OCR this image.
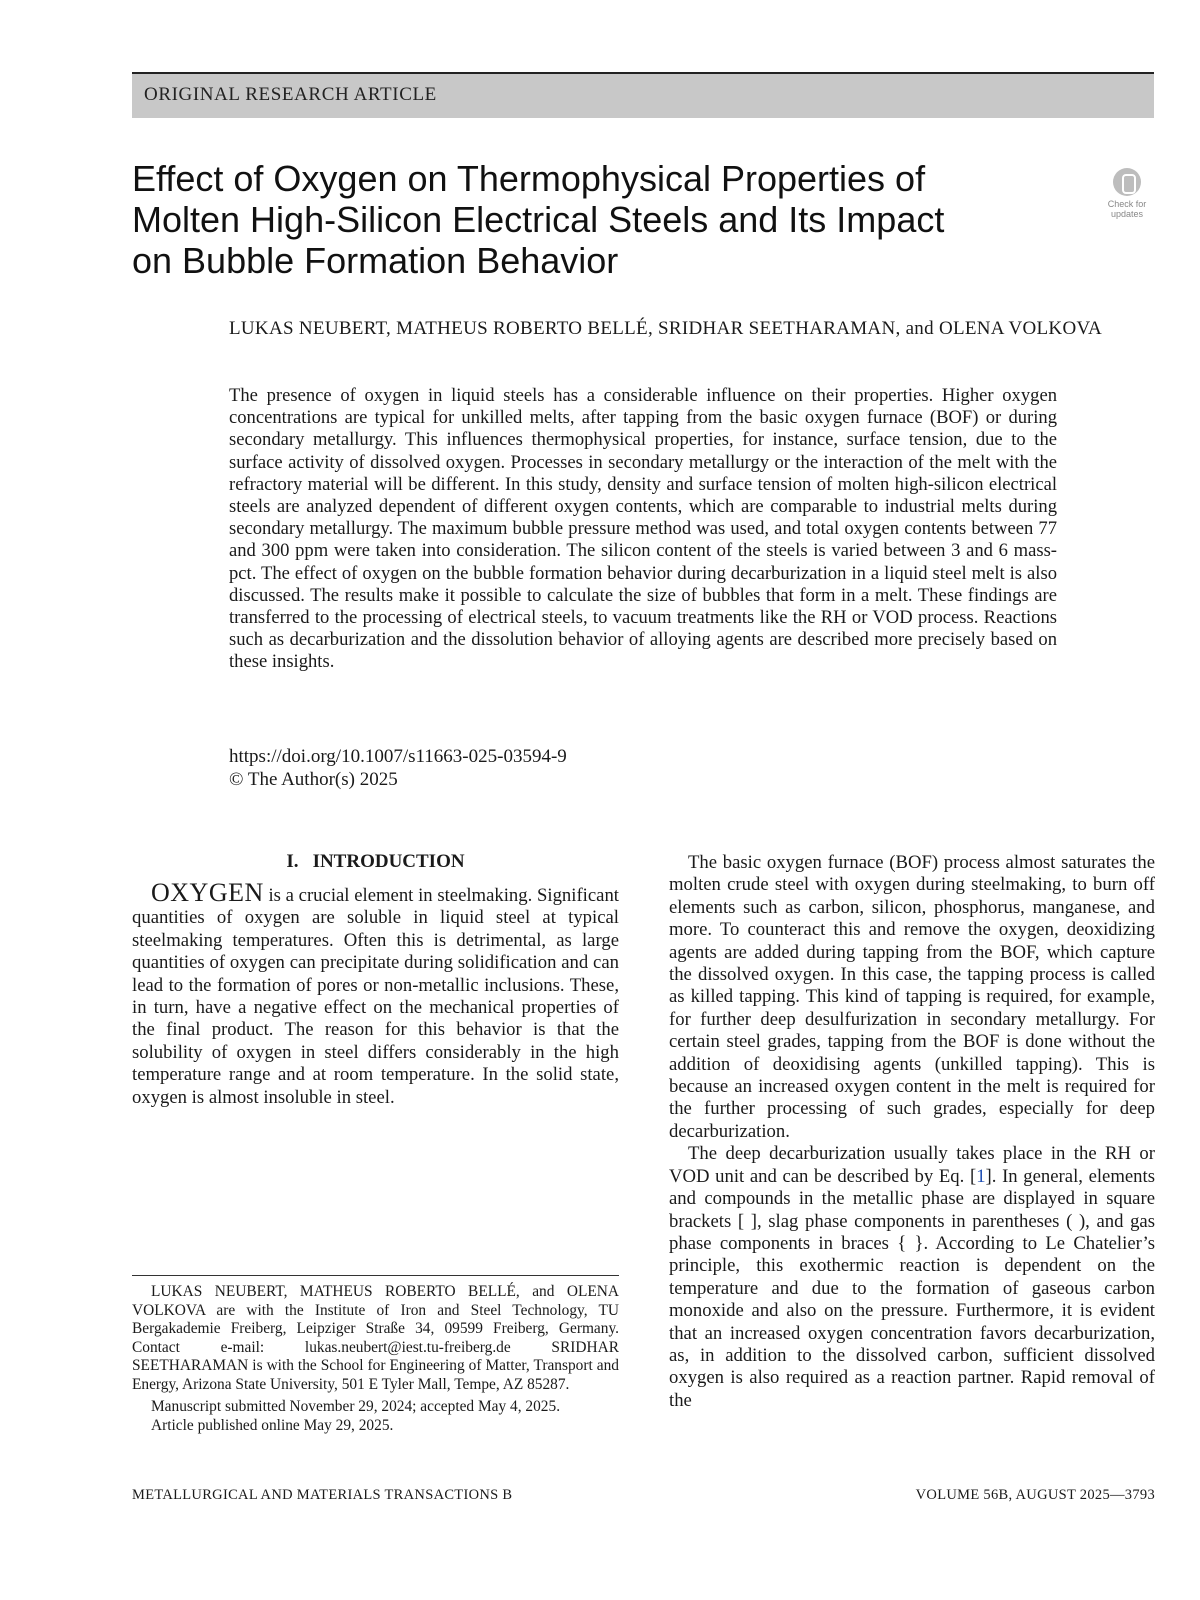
ORIGINAL RESEARCH ARTICLE
Effect of Oxygen on Thermophysical Properties of Molten High-Silicon Electrical Steels and Its Impact on Bubble Formation Behavior
Check for updates
LUKAS NEUBERT, MATHEUS ROBERTO BELLÉ, SRIDHAR SEETHARAMAN, and OLENA VOLKOVA

The presence of oxygen in liquid steels has a considerable influence on their properties. Higher oxygen concentrations are typical for unkilled melts, after tapping from the basic oxygen furnace (BOF) or during secondary metallurgy. This influences thermophysical properties, for instance, surface tension, due to the surface activity of dissolved oxygen. Processes in secondary metallurgy or the interaction of the melt with the refractory material will be different. In this study, density and surface tension of molten high-silicon electrical steels are analyzed dependent of different oxygen contents, which are comparable to industrial melts during secondary metallurgy. The maximum bubble pressure method was used, and total oxygen contents between 77 and 300 ppm were taken into consideration. The silicon content of the steels is varied between 3 and 6 mass-pct. The effect of oxygen on the bubble formation behavior during decarburization in a liquid steel melt is also discussed. The results make it possible to calculate the size of bubbles that form in a melt. These findings are transferred to the processing of electrical steels, to vacuum treatments like the RH or VOD process. Reactions such as decarburization and the dissolution behavior of alloying agents are described more precisely based on these insights.

https://doi.org/10.1007/s11663-025-03594-9
© The Author(s) 2025
I. INTRODUCTION

OXYGEN is a crucial element in steelmaking. Significant quantities of oxygen are soluble in liquid steel at typical steelmaking temperatures. Often this is detrimental, as large quantities of oxygen can precipitate during solidification and can lead to the formation of pores or non-metallic inclusions. These, in turn, have a negative effect on the mechanical properties of the final product. The reason for this behavior is that the solubility of oxygen in steel differs considerably in the high temperature range and at room temperature. In the solid state, oxygen is almost insoluble in steel.

The basic oxygen furnace (BOF) process almost saturates the molten crude steel with oxygen during steelmaking, to burn off elements such as carbon, silicon, phosphorus, manganese, and more. To counteract this and remove the oxygen, deoxidizing agents are added during tapping from the BOF, which capture the dissolved oxygen. In this case, the tapping process is called as killed tapping. This kind of tapping is required, for example, for further deep desulfurization in secondary metallurgy. For certain steel grades, tapping from the BOF is done without the addition of deoxidising agents (unkilled tapping). This is because an increased oxygen content in the melt is required for the further processing of such grades, especially for deep decarburization.

The deep decarburization usually takes place in the RH or VOD unit and can be described by Eq. [1]. In general, elements and compounds in the metallic phase are displayed in square brackets [ ], slag phase components in parentheses ( ), and gas phase components in braces { }. According to Le Chatelier’s principle, this exothermic reaction is dependent on the temperature and due to the formation of gaseous carbon monoxide and also on the pressure. Furthermore, it is evident that an increased oxygen concentration favors decarburization, as, in addition to the dissolved carbon, sufficient dissolved oxygen is also required as a reaction partner. Rapid removal of the

LUKAS NEUBERT, MATHEUS ROBERTO BELLÉ, and OLENA VOLKOVA are with the Institute of Iron and Steel Technology, TU Bergakademie Freiberg, Leipziger Straße 34, 09599 Freiberg, Germany. Contact e-mail: lukas.neubert@iest.tu-freiberg.de SRIDHAR SEETHARAMAN is with the School for Engineering of Matter, Transport and Energy, Arizona State University, 501 E Tyler Mall, Tempe, AZ 85287.

Manuscript submitted November 29, 2024; accepted May 4, 2025.

Article published online May 29, 2025.

METALLURGICAL AND MATERIALS TRANSACTIONS B	VOLUME 56B, AUGUST 2025—3793
